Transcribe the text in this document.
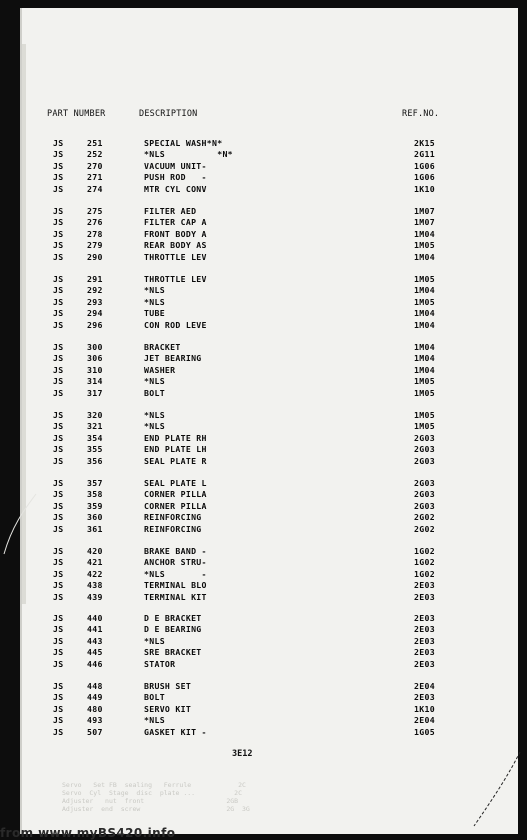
PART NUMBER	DESCRIPTION	REF.NO.
JS	251	SPECIAL WASH*N*	2K15
JS	252	*NLS          *N*	2G11
JS	270	VACUUM UNIT-	1G06
JS	271	PUSH ROD   -	1G06
JS	274	MTR CYL CONV	1K10
JS	275	FILTER AED	1M07
JS	276	FILTER CAP A	1M07
JS	278	FRONT BODY A	1M04
JS	279	REAR BODY AS	1M05
JS	290	THROTTLE LEV	1M04
JS	291	THROTTLE LEV	1M05
JS	292	*NLS	1M04
JS	293	*NLS	1M05
JS	294	TUBE	1M04
JS	296	CON ROD LEVE	1M04
JS	300	BRACKET	1M04
JS	306	JET BEARING	1M04
JS	310	WASHER	1M04
JS	314	*NLS	1M05
JS	317	BOLT	1M05
JS	320	*NLS	1M05
JS	321	*NLS	1M05
JS	354	END PLATE RH	2G03
JS	355	END PLATE LH	2G03
JS	356	SEAL PLATE R	2G03
JS	357	SEAL PLATE L	2G03
JS	358	CORNER PILLA	2G03
JS	359	CORNER PILLA	2G03
JS	360	REINFORCING	2G02
JS	361	REINFORCING	2G02
JS	420	BRAKE BAND -	1G02
JS	421	ANCHOR STRU-	1G02
JS	422	*NLS       -	1G02
JS	438	TERMINAL BLO	2E03
JS	439	TERMINAL KIT	2E03
JS	440	D E BRACKET	2E03
JS	441	D E BEARING	2E03
JS	443	*NLS	2E03
JS	445	SRE BRACKET	2E03
JS	446	STATOR	2E03
JS	448	BRUSH SET	2E04
JS	449	BOLT	2E03
JS	480	SERVO KIT	1K10
JS	493	*NLS	2E04
JS	507	GASKET KIT -	1G05
3E12
Servo   Set FB  sealing   Ferrule            2C
Servo  Cyl  Stage  disc  plate ...          2C
Adjuster   nut  front                     2GB
Adjuster  end  screw                      2G  3G
from www.myBS420.info
